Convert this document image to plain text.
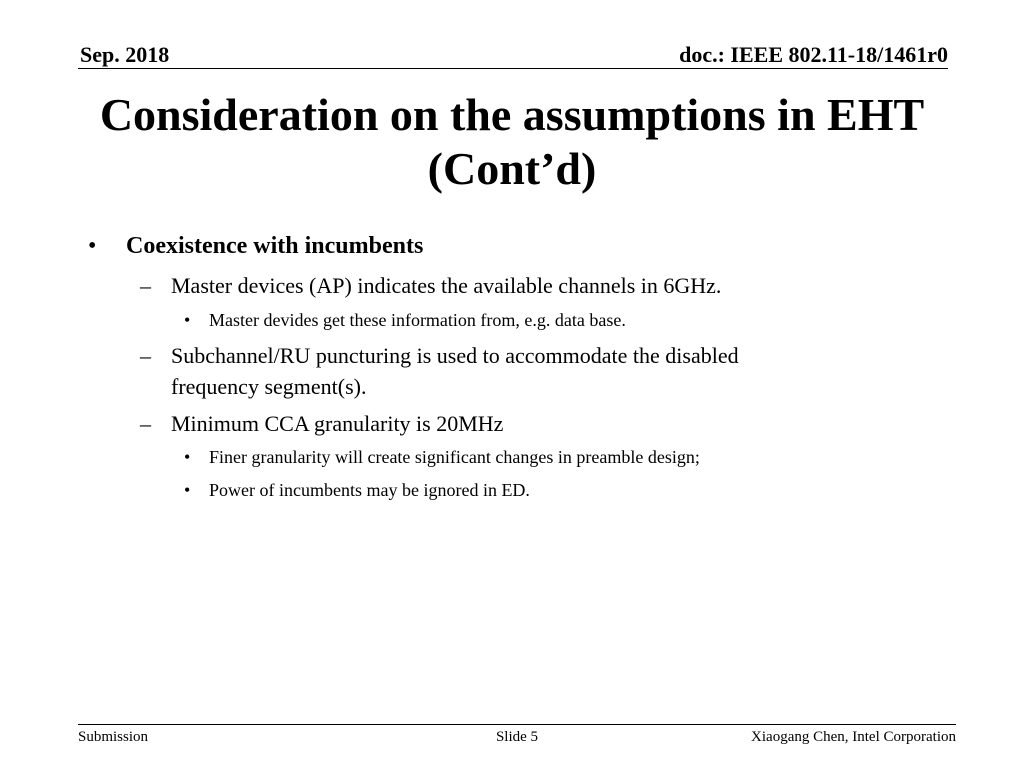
Sep. 2018	doc.: IEEE 802.11-18/1461r0
Consideration on the assumptions in EHT
(Cont’d)
• Coexistence with incumbents
– Master devices (AP) indicates the available channels in 6GHz.
• Master devides get these information from, e.g. data base.
– Subchannel/RU puncturing is used to accommodate the disabled
frequency segment(s).
– Minimum CCA granularity is 20MHz
• Finer granularity will create significant changes in preamble design;
• Power of incumbents may be ignored in ED.
Submission	Slide 5	Xiaogang Chen, Intel Corporation
